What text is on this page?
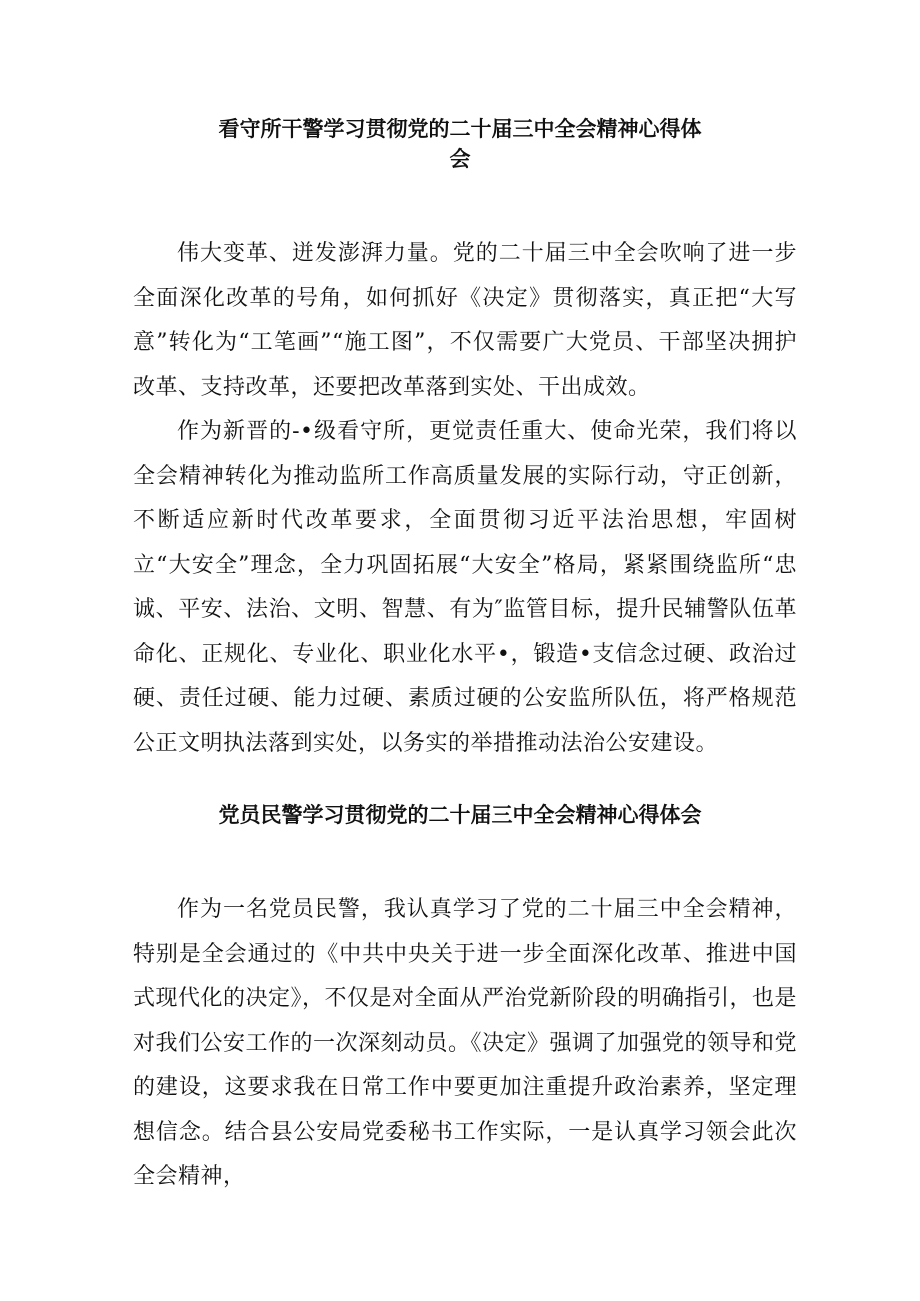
看守所干警学习贯彻党的二十届三中全会精神心得体
会

伟大变革、迸发澎湃力量。党的二十届三中全会吹响了进一步全面深化改革的号角，如何抓好《决定》贯彻落实，真正把“大写意”转化为“工笔画”“施工图”，不仅需要广大党员、干部坚决拥护改革、支持改革，还要把改革落到实处、干出成效。

作为新晋的-•级看守所，更觉责任重大、使命光荣，我们将以全会精神转化为推动监所工作高质量发展的实际行动，守正创新，不断适应新时代改革要求，全面贯彻习近平法治思想，牢固树立“大安全”理念，全力巩固拓展“大安全”格局，紧紧围绕监所“忠诚、平安、法治、文明、智慧、有为″监管目标，提升民辅警队伍革命化、正规化、专业化、职业化水平•，锻造•支信念过硬、政治过硬、责任过硬、能力过硬、素质过硬的公安监所队伍，将严格规范公正文明执法落到实处，以务实的举措推动法治公安建设。

党员民警学习贯彻党的二十届三中全会精神心得体会

作为一名党员民警，我认真学习了党的二十届三中全会精神，特别是全会通过的《中共中央关于进一步全面深化改革、推进中国式现代化的决定》，不仅是对全面从严治党新阶段的明确指引，也是对我们公安工作的一次深刻动员。《决定》强调了加强党的领导和党的建设，这要求我在日常工作中要更加注重提升政治素养，坚定理想信念。结合县公安局党委秘书工作实际，一是认真学习领会此次全会精神，
